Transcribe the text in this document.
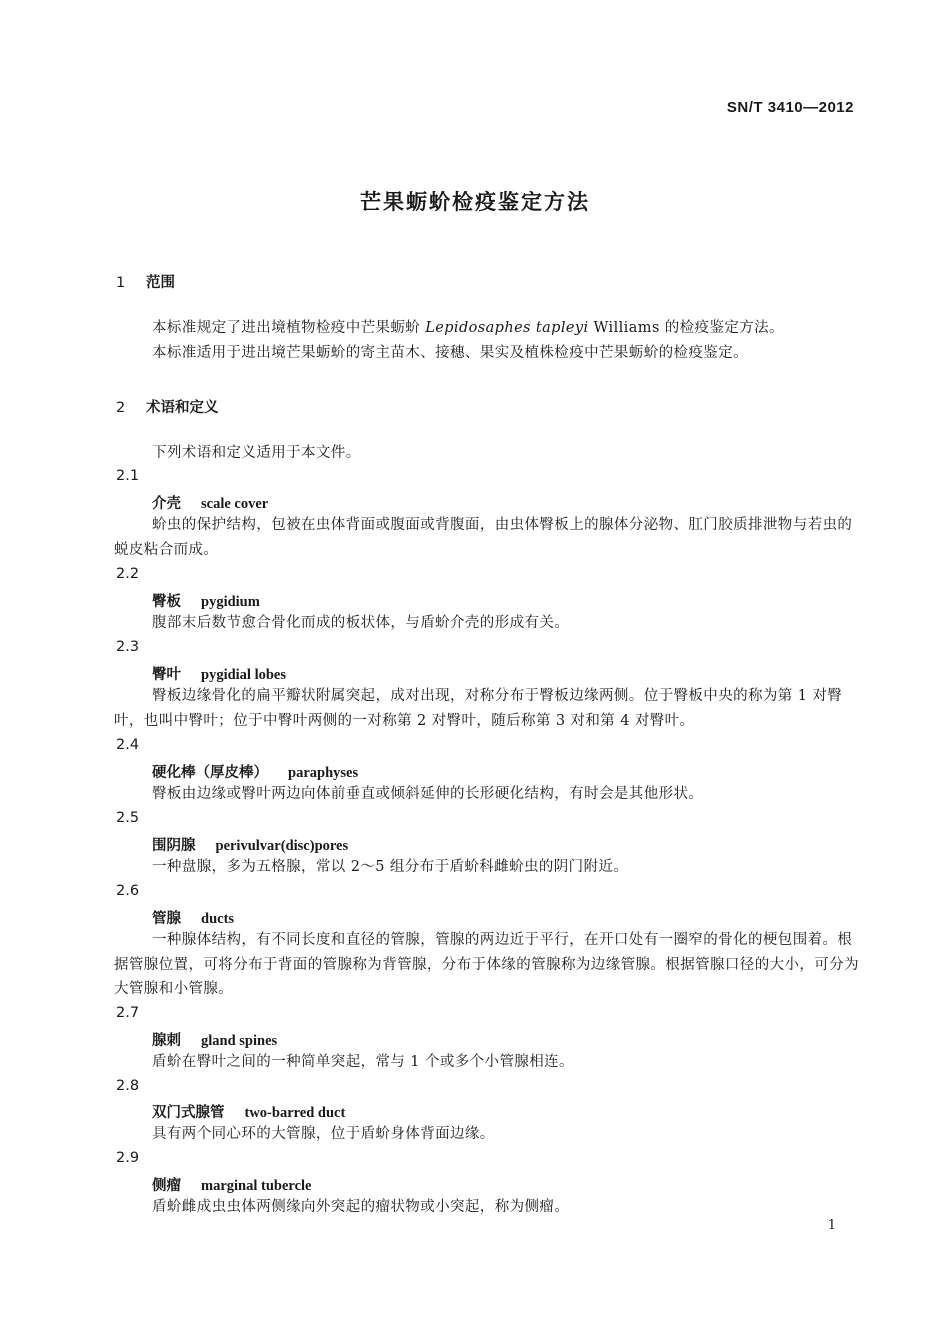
SN/T 3410—2012
芒果蛎蚧检疫鉴定方法
1 范围
本标准规定了进出境植物检疫中芒果蛎蚧 Lepidosaphes tapleyi Williams 的检疫鉴定方法。
本标准适用于进出境芒果蛎蚧的寄主苗木、接穗、果实及植株检疫中芒果蛎蚧的检疫鉴定。
2 术语和定义
下列术语和定义适用于本文件。
2.1
介壳 scale cover
蚧虫的保护结构，包被在虫体背面或腹面或背腹面，由虫体臀板上的腺体分泌物、肛门胶质排泄物与若虫的蜕皮粘合而成。
2.2
臀板 pygidium
腹部末后数节愈合骨化而成的板状体，与盾蚧介壳的形成有关。
2.3
臀叶 pygidial lobes
臀板边缘骨化的扁平瓣状附属突起，成对出现，对称分布于臀板边缘两侧。位于臀板中央的称为第 1 对臀叶，也叫中臀叶；位于中臀叶两侧的一对称第 2 对臀叶，随后称第 3 对和第 4 对臀叶。
2.4
硬化棒（厚皮棒） paraphyses
臀板由边缘或臀叶两边向体前垂直或倾斜延伸的长形硬化结构，有时会是其他形状。
2.5
围阴腺 perivulvar(disc)pores
一种盘腺，多为五格腺，常以 2～5 组分布于盾蚧科雌蚧虫的阴门附近。
2.6
管腺 ducts
一种腺体结构，有不同长度和直径的管腺，管腺的两边近于平行，在开口处有一圈窄的骨化的梗包围着。根据管腺位置，可将分布于背面的管腺称为背管腺，分布于体缘的管腺称为边缘管腺。根据管腺口径的大小，可分为大管腺和小管腺。
2.7
腺刺 gland spines
盾蚧在臀叶之间的一种简单突起，常与 1 个或多个小管腺相连。
2.8
双门式腺管 two-barred duct
具有两个同心环的大管腺，位于盾蚧身体背面边缘。
2.9
侧瘤 marginal tubercle
盾蚧雌成虫虫体两侧缘向外突起的瘤状物或小突起，称为侧瘤。
1
